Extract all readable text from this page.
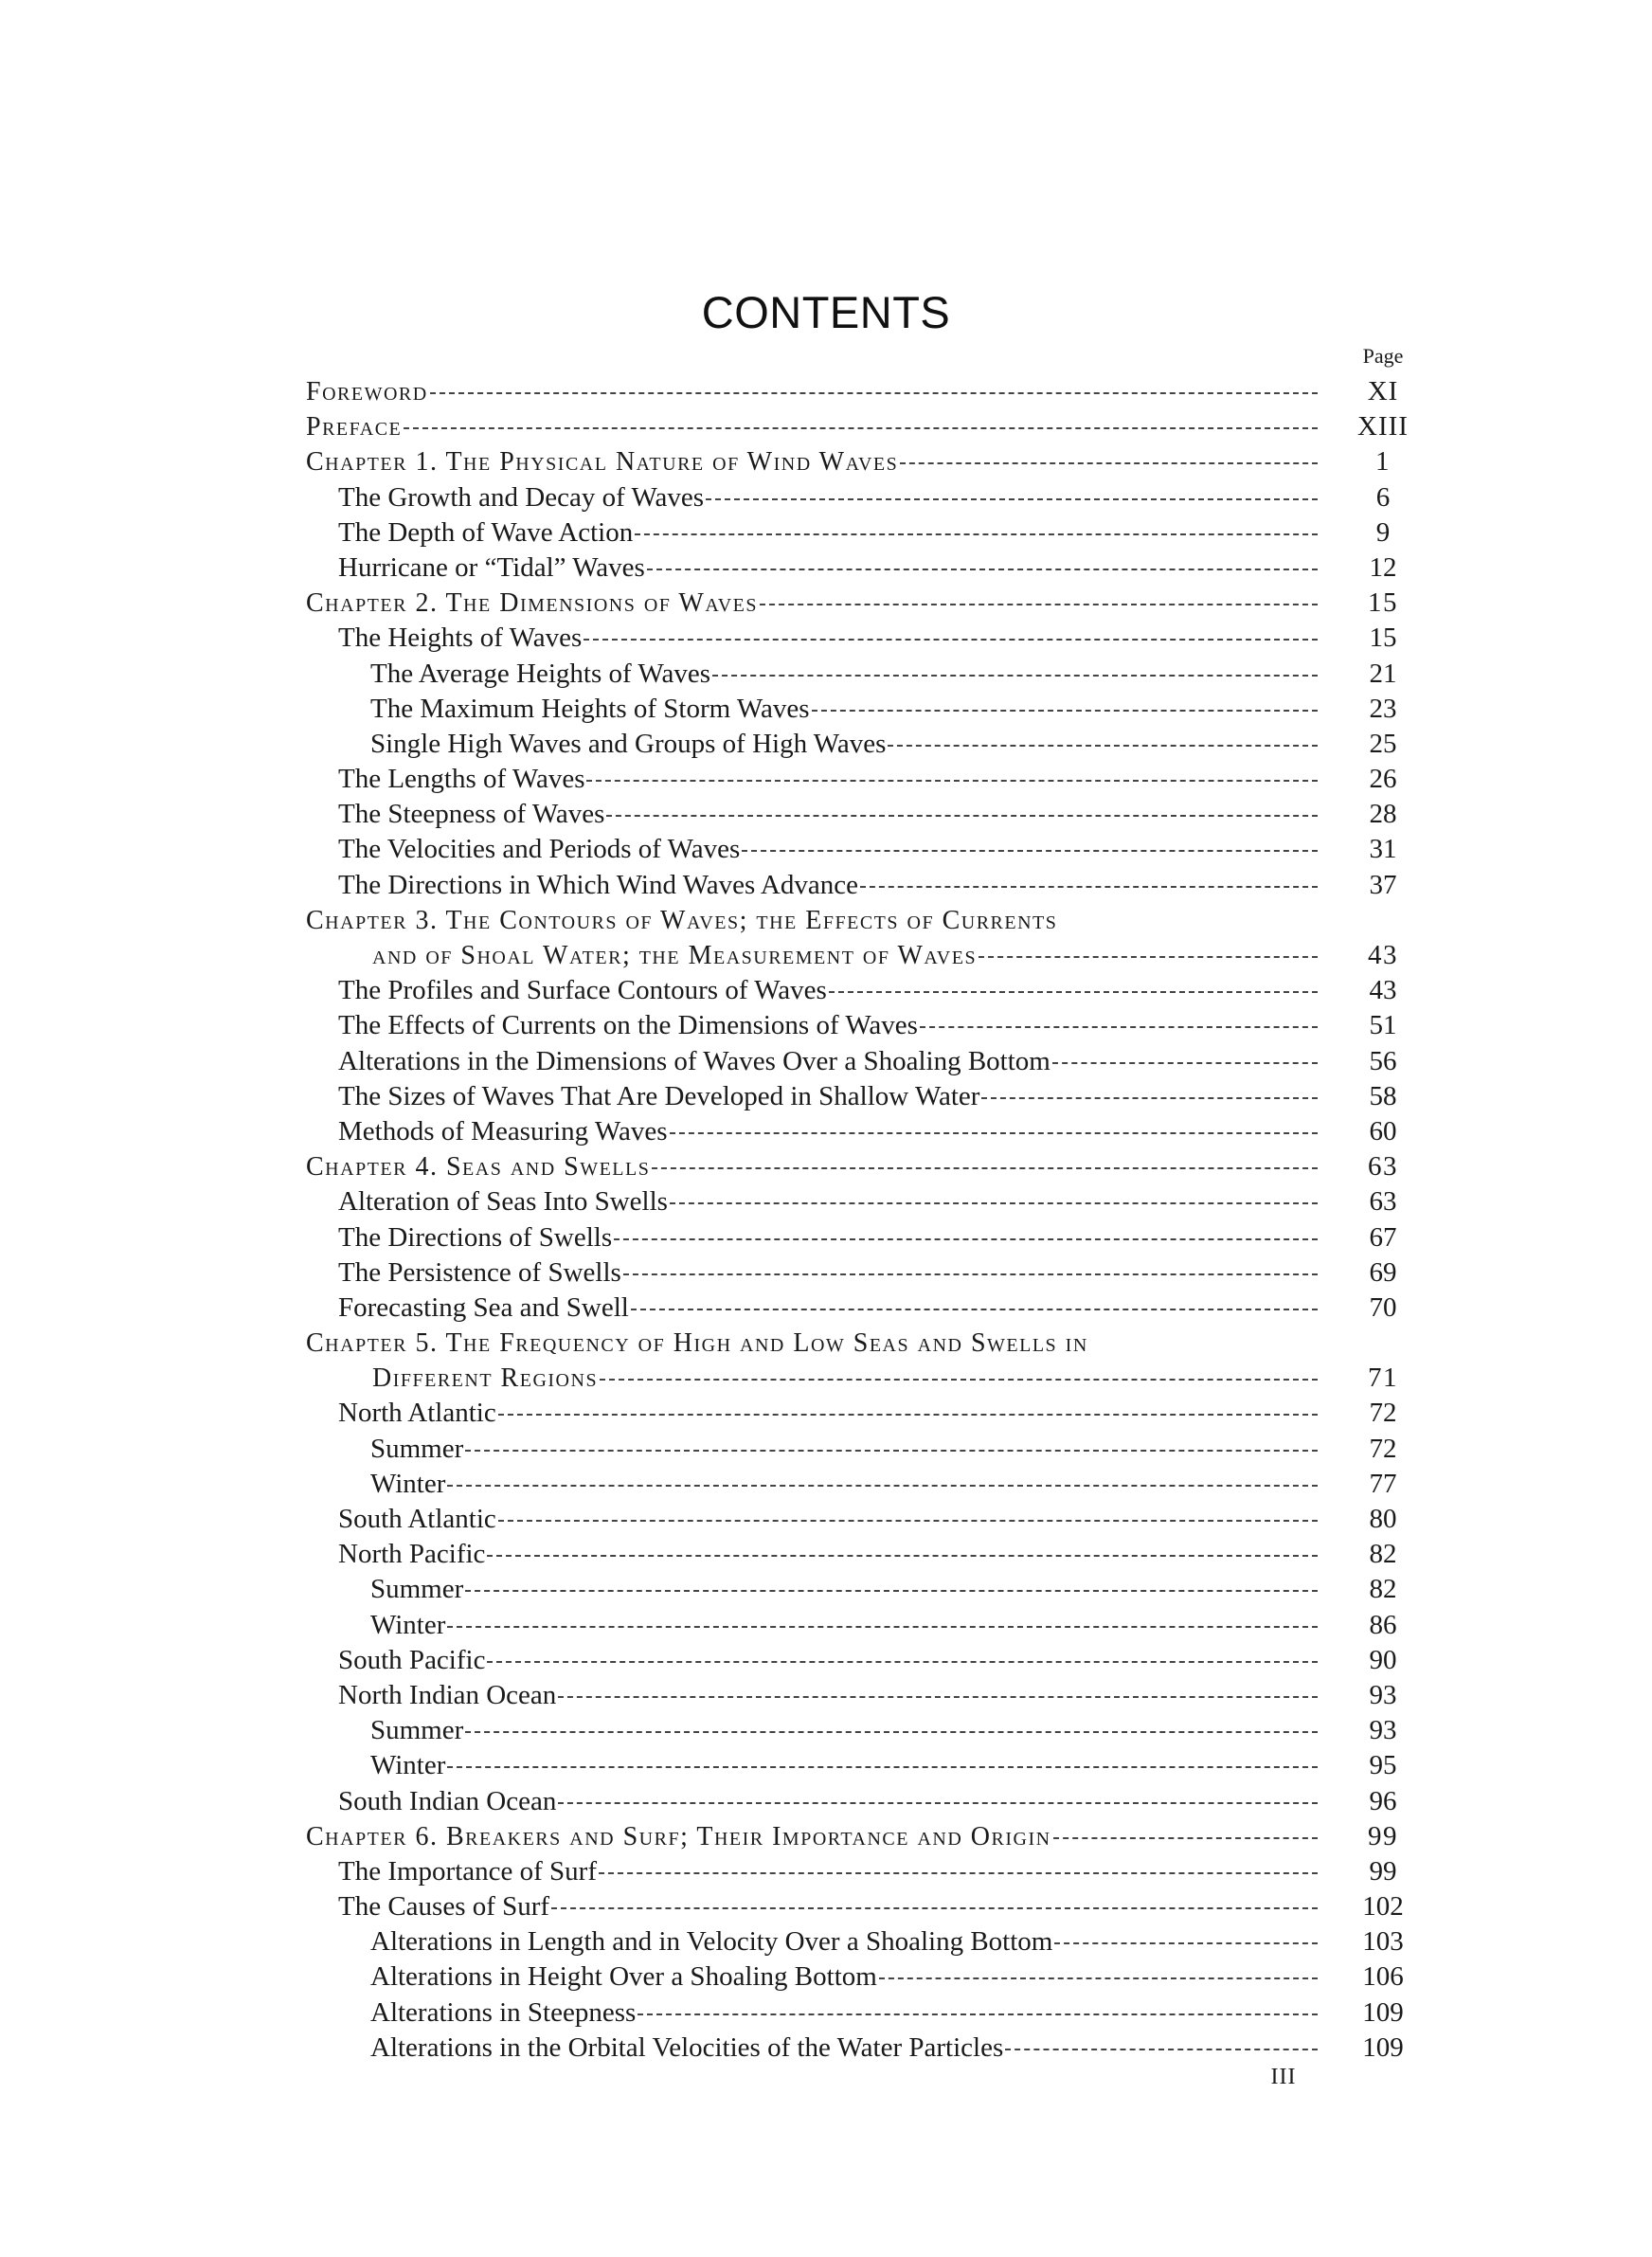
CONTENTS
Page
Foreword	XI
Preface	XIII
Chapter 1. The Physical Nature of Wind Waves	1
The Growth and Decay of Waves	6
The Depth of Wave Action	9
Hurricane or “Tidal” Waves	12
Chapter 2. The Dimensions of Waves	15
The Heights of Waves	15
The Average Heights of Waves	21
The Maximum Heights of Storm Waves	23
Single High Waves and Groups of High Waves	25
The Lengths of Waves	26
The Steepness of Waves	28
The Velocities and Periods of Waves	31
The Directions in Which Wind Waves Advance	37
Chapter 3. The Contours of Waves; the Effects of Currents
and of Shoal Water; the Measurement of Waves	43
The Profiles and Surface Contours of Waves	43
The Effects of Currents on the Dimensions of Waves	51
Alterations in the Dimensions of Waves Over a Shoaling Bottom	56
The Sizes of Waves That Are Developed in Shallow Water	58
Methods of Measuring Waves	60
Chapter 4. Seas and Swells	63
Alteration of Seas Into Swells	63
The Directions of Swells	67
The Persistence of Swells	69
Forecasting Sea and Swell	70
Chapter 5. The Frequency of High and Low Seas and Swells in
Different Regions	71
North Atlantic	72
Summer	72
Winter	77
South Atlantic	80
North Pacific	82
Summer	82
Winter	86
South Pacific	90
North Indian Ocean	93
Summer	93
Winter	95
South Indian Ocean	96
Chapter 6. Breakers and Surf; Their Importance and Origin	99
The Importance of Surf	99
The Causes of Surf	102
Alterations in Length and in Velocity Over a Shoaling Bottom	103
Alterations in Height Over a Shoaling Bottom	106
Alterations in Steepness	109
Alterations in the Orbital Velocities of the Water Particles	109
III
